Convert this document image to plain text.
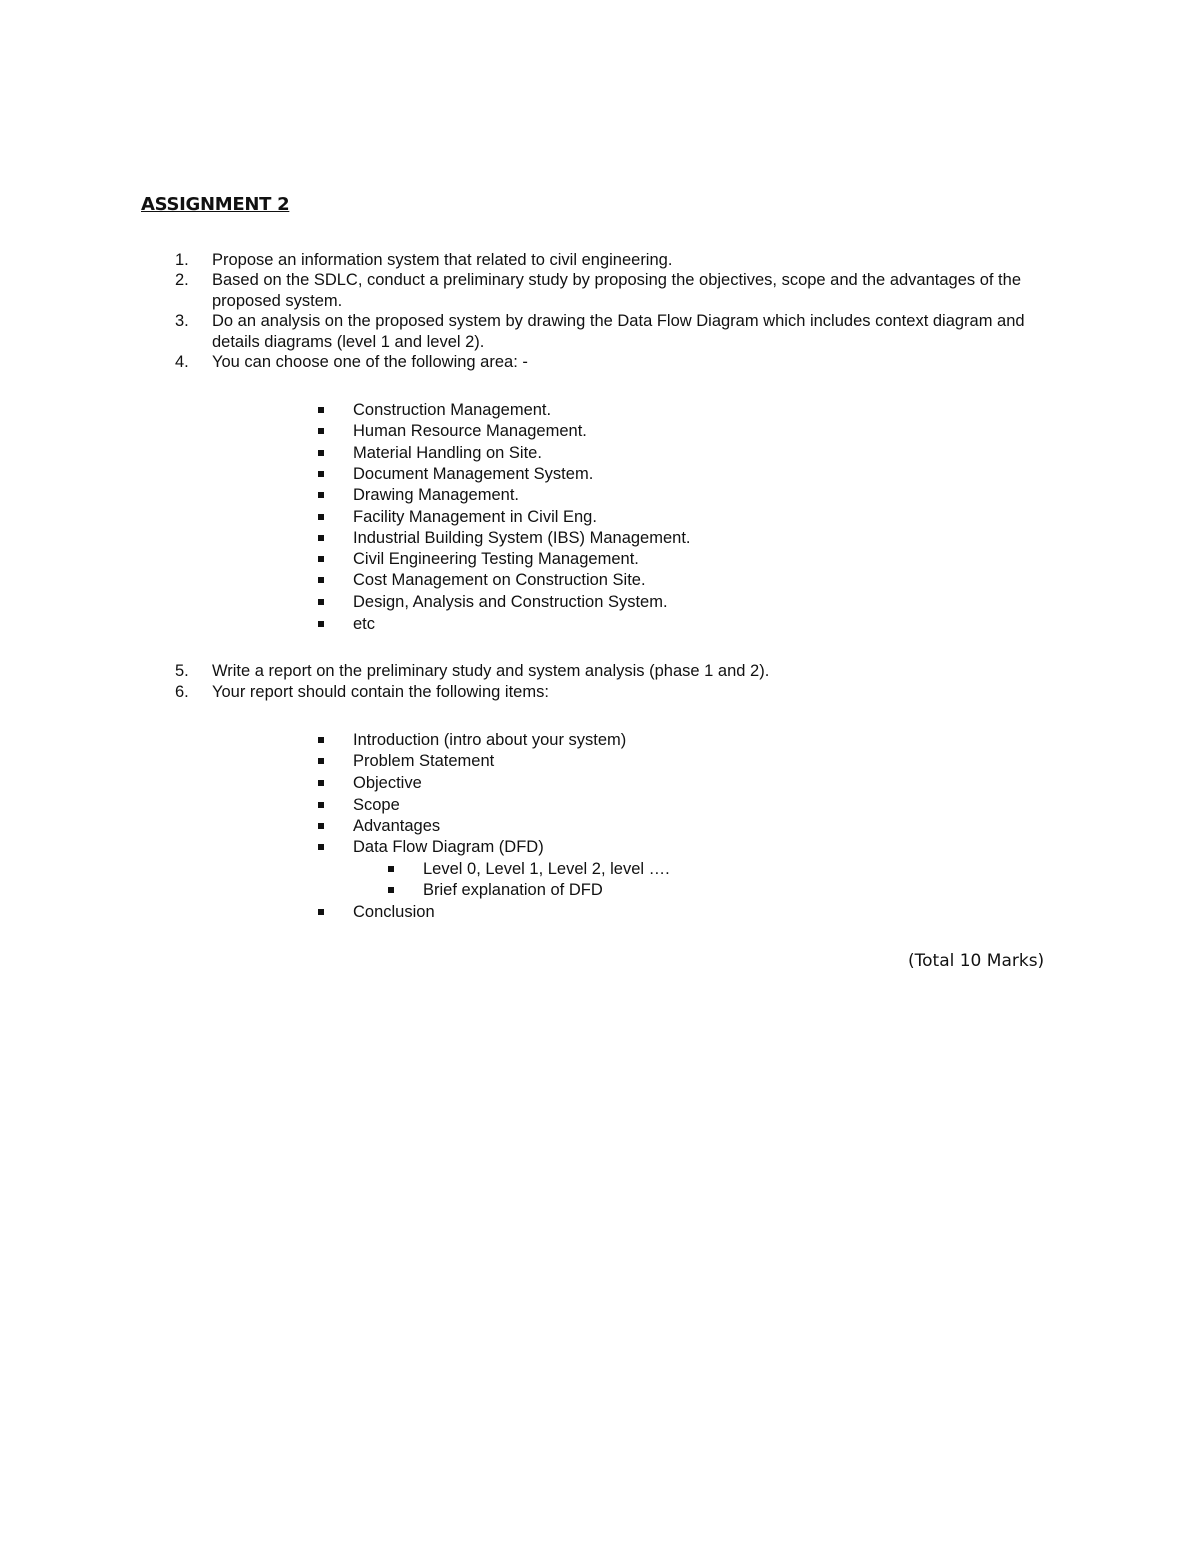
ASSIGNMENT 2
1.	Propose an information system that related to civil engineering.
2.	Based on the SDLC, conduct a preliminary study by proposing the objectives, scope and the advantages of the proposed system.
3.	Do an analysis on the proposed system by drawing the Data Flow Diagram which includes context diagram and details diagrams (level 1 and level 2).
4.	You can choose one of the following area: -
Construction Management.
Human Resource Management.
Material Handling on Site.
Document Management System.
Drawing Management.
Facility Management in Civil Eng.
Industrial Building System (IBS) Management.
Civil Engineering Testing Management.
Cost Management on Construction Site.
Design, Analysis and Construction System.
etc
5.	Write a report on the preliminary study and system analysis (phase 1 and 2).
6.	Your report should contain the following items:
Introduction (intro about your system)
Problem Statement
Objective
Scope
Advantages
Data Flow Diagram (DFD)
Level 0, Level 1, Level 2, level ….
Brief explanation of DFD
Conclusion
(Total 10 Marks)
